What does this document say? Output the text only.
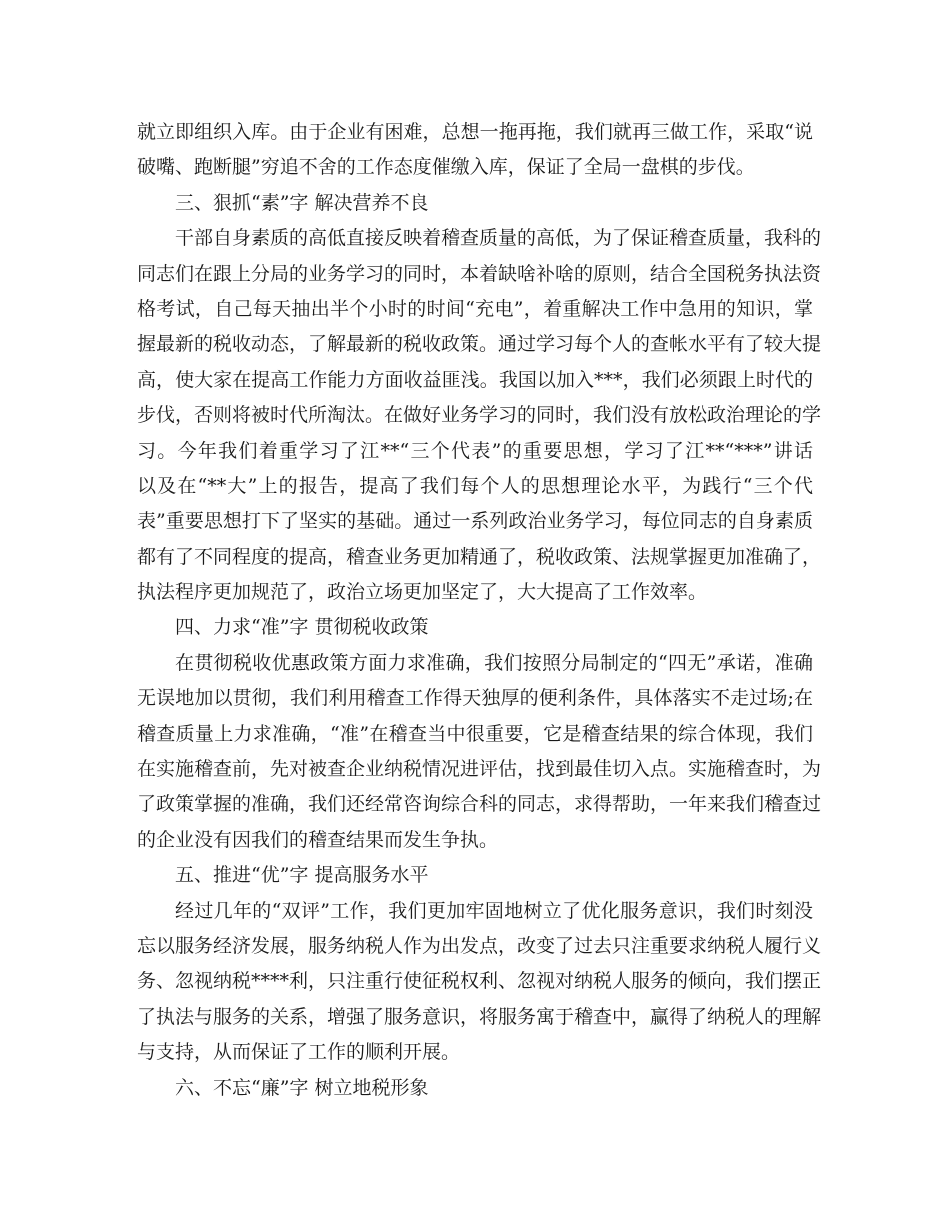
就立即组织入库。由于企业有困难，总想一拖再拖，我们就再三做工作，采取“说
破嘴、跑断腿”穷追不舍的工作态度催缴入库，保证了全局一盘棋的步伐。
三、狠抓“素”字 解决营养不良
干部自身素质的高低直接反映着稽查质量的高低，为了保证稽查质量，我科的
同志们在跟上分局的业务学习的同时，本着缺啥补啥的原则，结合全国税务执法资
格考试，自己每天抽出半个小时的时间“充电”，着重解决工作中急用的知识，掌
握最新的税收动态，了解最新的税收政策。通过学习每个人的查帐水平有了较大提
高，使大家在提高工作能力方面收益匪浅。我国以加入***，我们必须跟上时代的
步伐，否则将被时代所淘汰。在做好业务学习的同时，我们没有放松政治理论的学
习。今年我们着重学习了江**“三个代表”的重要思想，学习了江**“***”讲话
以及在“**大”上的报告，提高了我们每个人的思想理论水平，为践行“三个代
表”重要思想打下了坚实的基础。通过一系列政治业务学习，每位同志的自身素质
都有了不同程度的提高，稽查业务更加精通了，税收政策、法规掌握更加准确了，
执法程序更加规范了，政治立场更加坚定了，大大提高了工作效率。
四、力求“准”字 贯彻税收政策
在贯彻税收优惠政策方面力求准确，我们按照分局制定的“四无”承诺，准确
无误地加以贯彻，我们利用稽查工作得天独厚的便利条件，具体落实不走过场;在
稽查质量上力求准确，“准”在稽查当中很重要，它是稽查结果的综合体现，我们
在实施稽查前，先对被查企业纳税情况进评估，找到最佳切入点。实施稽查时，为
了政策掌握的准确，我们还经常咨询综合科的同志，求得帮助，一年来我们稽查过
的企业没有因我们的稽查结果而发生争执。
五、推进“优”字 提高服务水平
经过几年的“双评”工作，我们更加牢固地树立了优化服务意识，我们时刻没
忘以服务经济发展，服务纳税人作为出发点，改变了过去只注重要求纳税人履行义
务、忽视纳税****利，只注重行使征税权利、忽视对纳税人服务的倾向，我们摆正
了执法与服务的关系，增强了服务意识，将服务寓于稽查中，赢得了纳税人的理解
与支持，从而保证了工作的顺利开展。
六、不忘“廉”字 树立地税形象
